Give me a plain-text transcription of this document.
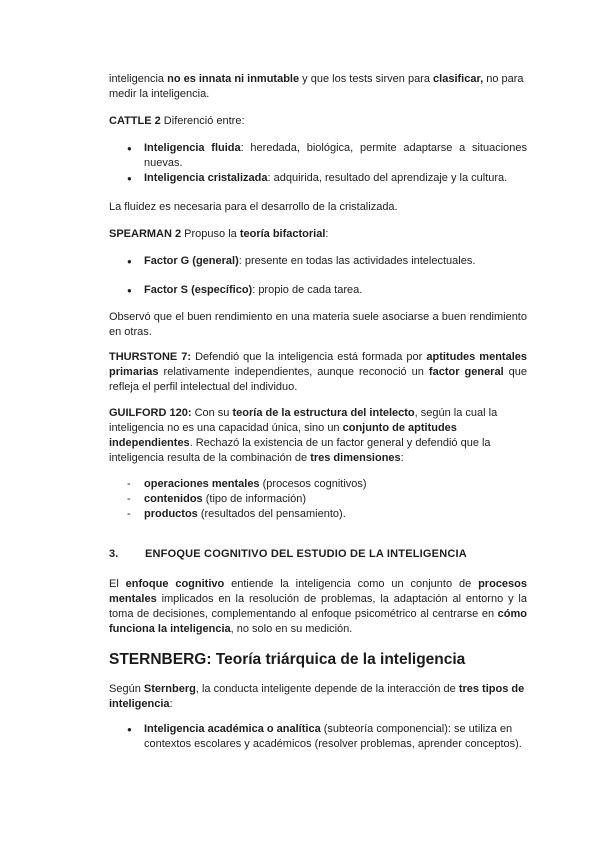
inteligencia no es innata ni inmutable y que los tests sirven para clasificar, no para medir la inteligencia.

CATTLE 2 Diferenció entre:

● Inteligencia fluida: heredada, biológica, permite adaptarse a situaciones nuevas.
● Inteligencia cristalizada: adquirida, resultado del aprendizaje y la cultura.

La fluidez es necesaria para el desarrollo de la cristalizada.

SPEARMAN 2 Propuso la teoría bifactorial:

● Factor G (general): presente en todas las actividades intelectuales.
● Factor S (específico): propio de cada tarea.

Observó que el buen rendimiento en una materia suele asociarse a buen rendimiento en otras.

THURSTONE 7: Defendió que la inteligencia está formada por aptitudes mentales primarias relativamente independientes, aunque reconoció un factor general que refleja el perfil intelectual del individuo.

GUILFORD 120: Con su teoría de la estructura del intelecto, según la cual la inteligencia no es una capacidad única, sino un conjunto de aptitudes independientes. Rechazó la existencia de un factor general y defendió que la inteligencia resulta de la combinación de tres dimensiones:

- operaciones mentales (procesos cognitivos)
- contenidos (tipo de información)
- productos (resultados del pensamiento).
3. ENFOQUE COGNITIVO DEL ESTUDIO DE LA INTELIGENCIA

El enfoque cognitivo entiende la inteligencia como un conjunto de procesos mentales implicados en la resolución de problemas, la adaptación al entorno y la toma de decisiones, complementando al enfoque psicométrico al centrarse en cómo funciona la inteligencia, no solo en su medición.

STERNBERG: Teoría triárquica de la inteligencia

Según Sternberg, la conducta inteligente depende de la interacción de tres tipos de inteligencia:

● Inteligencia académica o analítica (subteoría componencial): se utiliza en contextos escolares y académicos (resolver problemas, aprender conceptos).
